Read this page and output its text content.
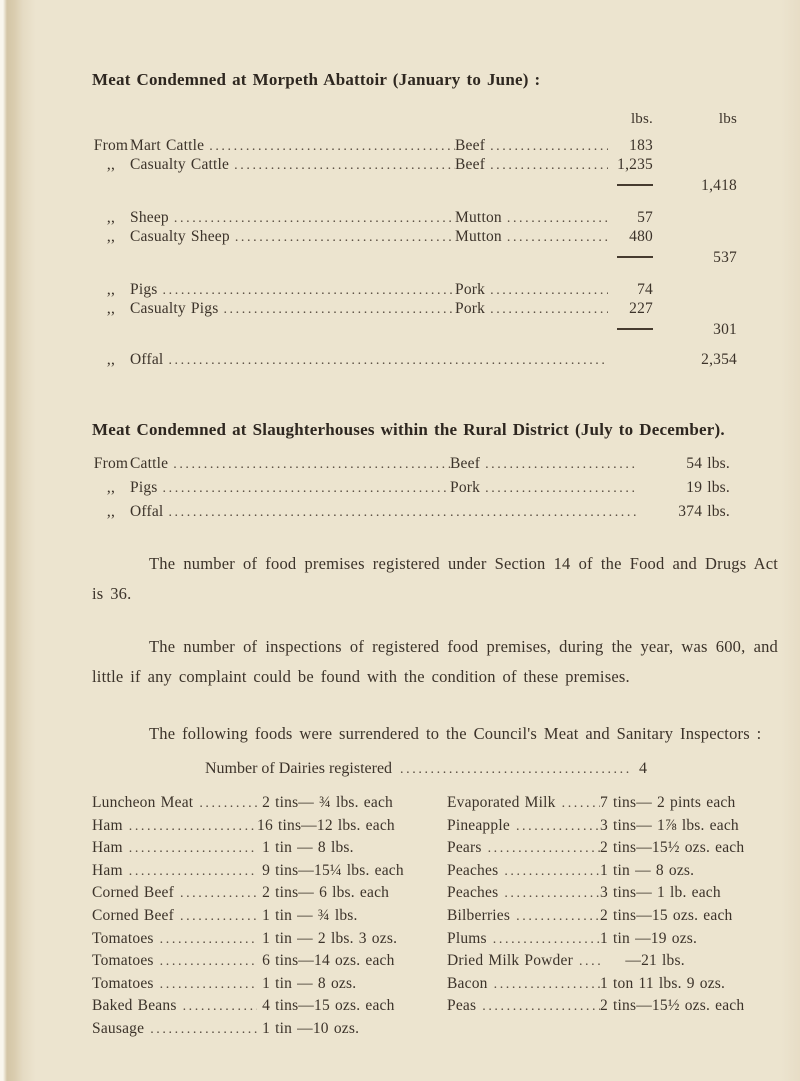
Meat Condemned at Morpeth Abattoir (January to June) :
lbs.	lbs
From Mart Cattle .....	Beef .....	183
,, Casualty Cattle .....	Beef .....	1,235
1,418
,, Sheep .....	Mutton .....	57
,, Casualty Sheep .....	Mutton .....	480
537
,, Pigs .....	Pork .....	74
,, Casualty Pigs .....	Pork .....	227
301
,, Offal ..... .....	2,354
Meat Condemned at Slaughterhouses within the Rural District (July to December).
From Cattle .....	Beef .....	54 lbs.
,, Pigs .....	Pork .....	19 lbs.
,, Offal ..... .....	374 lbs.

The number of food premises registered under Section 14 of the Food and Drugs Act is 36.

The number of inspections of registered food premises, during the year, was 600, and little if any complaint could be found with the condition of these premises.

The following foods were surrendered to the Council's Meat and Sanitary Inspectors :

Number of Dairies registered .....	4
Luncheon Meat .....	2 tins— ¾ lbs. each
Ham .....	16 tins—12 lbs. each
Ham .....	1 tin — 8 lbs.
Ham .....	9 tins—15¼ lbs. each
Corned Beef .....	2 tins— 6 lbs. each
Corned Beef .....	1 tin — ¾ lbs.
Tomatoes .....	1 tin — 2 lbs. 3 ozs.
Tomatoes .....	6 tins—14 ozs. each
Tomatoes .....	1 tin — 8 ozs.
Baked Beans .....	4 tins—15 ozs. each
Sausage .....	1 tin —10 ozs.
Evaporated Milk .....	7 tins— 2 pints each
Pineapple .....	3 tins— 1⅞ lbs. each
Pears .....	2 tins—15½ ozs. each
Peaches .....	1 tin — 8 ozs.
Peaches .....	3 tins— 1 lb. each
Bilberries .....	2 tins—15 ozs. each
Plums .....	1 tin —19 ozs.
Dried Milk Powder .....	—21 lbs.
Bacon .....	1 ton 11 lbs. 9 ozs.
Peas .....	2 tins—15½ ozs. each
